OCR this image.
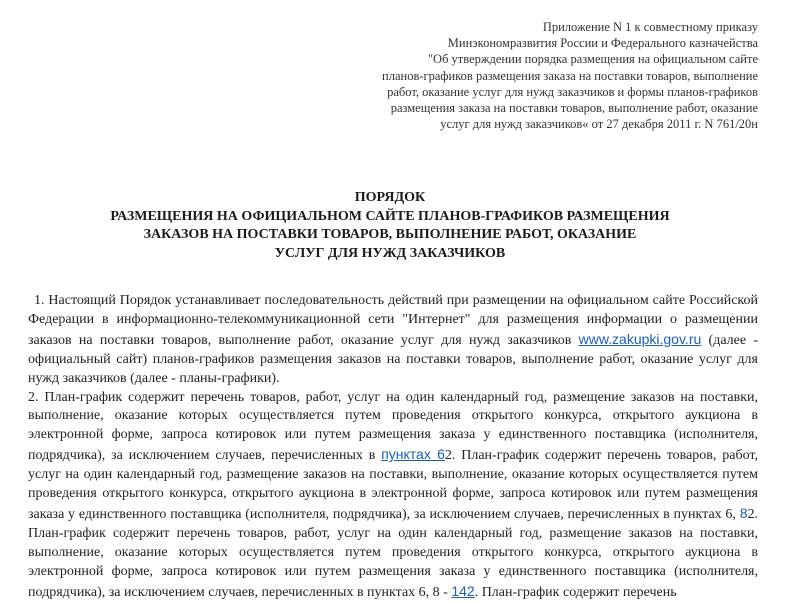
Приложение N 1 к совместному приказу
Минэкономразвития России и Федерального казначейства
"Об утверждении порядка размещения на официальном сайте
планов-графиков размещения заказа на поставки товаров, выполнение
работ, оказание услуг для нужд заказчиков и формы планов-графиков
размещения заказа на поставки товаров, выполнение работ, оказание
услуг для нужд заказчиков« от 27 декабря 2011 г. N 761/20н
ПОРЯДОК
РАЗМЕЩЕНИЯ НА ОФИЦИАЛЬНОМ САЙТЕ ПЛАНОВ-ГРАФИКОВ РАЗМЕЩЕНИЯ
ЗАКАЗОВ НА ПОСТАВКИ ТОВАРОВ, ВЫПОЛНЕНИЕ РАБОТ, ОКАЗАНИЕ
УСЛУГ ДЛЯ НУЖД ЗАКАЗЧИКОВ

1. Настоящий Порядок устанавливает последовательность действий при размещении на официальном сайте Российской Федерации в информационно-телекоммуникационной сети "Интернет" для размещения информации о размещении заказов на поставки товаров, выполнение работ, оказание услуг для нужд заказчиков www.zakupki.gov.ru (далее - официальный сайт) планов-графиков размещения заказов на поставки товаров, выполнение работ, оказание услуг для нужд заказчиков (далее - планы-графики).

2. План-график содержит перечень товаров, работ, услуг на один календарный год, размещение заказов на поставки, выполнение, оказание которых осуществляется путем проведения открытого конкурса, открытого аукциона в электронной форме, запроса котировок или путем размещения заказа у единственного поставщика (исполнителя, подрядчика), за исключением случаев, перечисленных в пунктах 62. План-график содержит перечень товаров, работ, услуг на один календарный год, размещение заказов на поставки, выполнение, оказание которых осуществляется путем проведения открытого конкурса, открытого аукциона в электронной форме, запроса котировок или путем размещения заказа у единственного поставщика (исполнителя, подрядчика), за исключением случаев, перечисленных в пунктах 6, 82. План-график содержит перечень товаров, работ, услуг на один календарный год, размещение заказов на поставки, выполнение, оказание которых осуществляется путем проведения открытого конкурса, открытого аукциона в электронной форме, запроса котировок или путем размещения заказа у единственного поставщика (исполнителя, подрядчика), за исключением случаев, перечисленных в пунктах 6, 8 - 142. План-график содержит перечень
